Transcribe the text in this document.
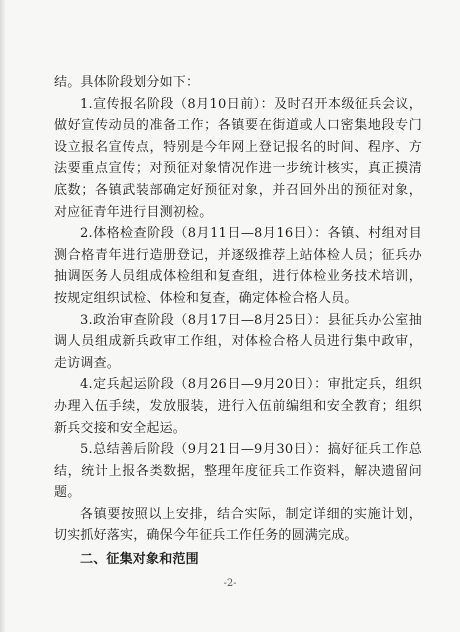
结。具体阶段划分如下：

1.宣传报名阶段（8月10日前）：及时召开本级征兵会议，做好宣传动员的准备工作；各镇要在街道或人口密集地段专门设立报名宣传点，特别是今年网上登记报名的时间、程序、方法要重点宣传；对预征对象情况作进一步统计核实，真正摸清底数；各镇武装部确定好预征对象，并召回外出的预征对象，对应征青年进行目测初检。

2.体格检查阶段（8月11日—8月16日）：各镇、村组对目测合格青年进行造册登记，并逐级推荐上站体检人员；征兵办抽调医务人员组成体检组和复查组，进行体检业务技术培训，按规定组织试检、体检和复查，确定体检合格人员。

3.政治审查阶段（8月17日—8月25日）：县征兵办公室抽调人员组成新兵政审工作组，对体检合格人员进行集中政审，走访调查。

4.定兵起运阶段（8月26日—9月20日）：审批定兵，组织办理入伍手续，发放服装，进行入伍前编组和安全教育；组织新兵交接和安全起运。

5.总结善后阶段（9月21日—9月30日）：搞好征兵工作总结，统计上报各类数据，整理年度征兵工作资料，解决遗留问题。

各镇要按照以上安排，结合实际，制定详细的实施计划，切实抓好落实，确保今年征兵工作任务的圆满完成。

二、征集对象和范围

-2-
